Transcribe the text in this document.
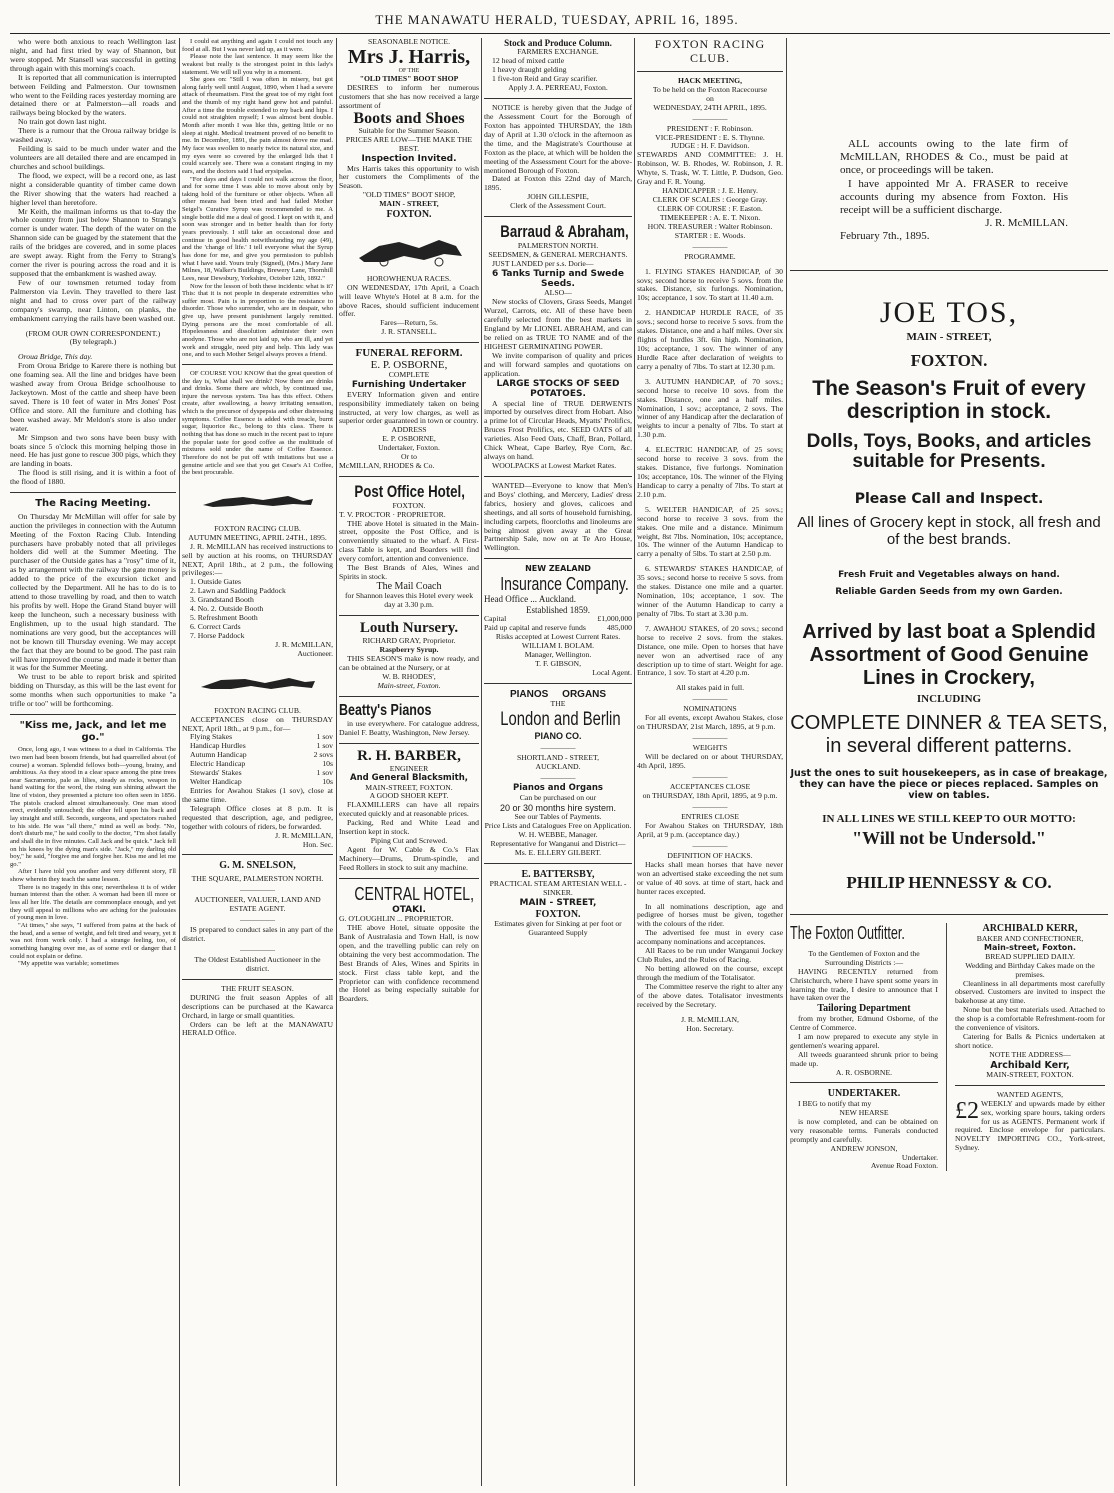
THE MANAWATU HERALD, TUESDAY, APRIL 16, 1895.

who were both anxious to reach Wellington last night, and had first tried by way of Shannon, but were stopped. Mr Stansell was successful in getting through again with this morning's coach.

It is reported that all communication is interrupted between Feilding and Palmerston. Our townsmen who went to the Feilding races yesterday morning are detained there or at Palmerston—all roads and railways being blocked by the waters.

No train got down last night.

There is a rumour that the Oroua railway bridge is washed away.

Feilding is said to be much under water and the volunteers are all detailed there and are encamped in churches and school buildings.

The flood, we expect, will be a record one, as last night a considerable quantity of timber came down the River showing that the waters had reached a higher level than heretofore.

Mr Keith, the mailman informs us that to-day the whole country from just below Shannon to Strang's corner is under water. The depth of the water on the Shannon side can be guaged by the statement that the rails of the bridges are covered, and in some places are swept away. Right from the Ferry to Strang's corner the river is pouring across the road and it is supposed that the embankment is washed away.

Few of our townsmen returned today from Palmerston via Levin. They travelled to there last night and had to cross over part of the railway company's swamp, near Linton, on planks, the embankment carrying the rails have been washed out.

(FROM OUR OWN CORRESPONDENT.)
(By telegraph.)

Oroua Bridge, This day.

From Oroua Bridge to Karere there is nothing but one foaming sea. All the line and bridges have been washed away from Oroua Bridge schoolhouse to Jackeytown. Most of the cattle and sheep have been saved. There is 10 feet of water in Mrs Jones' Post Office and store. All the furniture and clothing has been washed away. Mr Meldon's store is also under water.

Mr Simpson and two sons have been busy with boats since 5 o'clock this morning helping those in need. He has just gone to rescue 300 pigs, which they are landing in boats.

The flood is still rising, and it is within a foot of the flood of 1880.

The Racing Meeting.

On Thursday Mr McMillan will offer for sale by auction the privileges in connection with the Autumn Meeting of the Foxton Racing Club. Intending purchasers have probably noted that all privileges holders did well at the Summer Meeting. The purchaser of the Outside gates has a "rosy" time of it, as by arrangement with the railway the gate money is added to the price of the excursion ticket and collected by the Department. All he has to do is to attend to those travelling by road, and then to watch his profits by well. Hope the Grand Stand buyer will keep the luncheon, such a necessary business with Englishmen, up to the usual high standard. The nominations are very good, but the acceptances will not be known till Thursday evening. We may accept the fact that they are bound to be good. The past rain will have improved the course and made it better than it was for the Summer Meeting.

We trust to be able to report brisk and spirited bidding on Thursday, as this will be the last event for some months when such opportunities to make "a trifle or too" will be forthcoming.

"Kiss me, Jack, and let me go."

Once, long ago, I was witness to a duel in California. The two men had been bosom friends, but had quarrelled about (of course) a woman. Splendid fellows both—young, brainy, and ambitious. As they stood in a clear space among the pine trees near Sacramento, pale as lilies, steady as rocks, weapon in hand waiting for the word, the rising sun shining athwart the line of vision, they presented a picture too often seen in 1856. The pistols cracked almost simultaneously. One man stood erect, evidently untouched; the other fell upon his back and lay straight and still. Seconds, surgeons, and spectators rushed to his side. He was "all there," mind as well as body. "No, don't disturb me," he said coolly to the doctor, "I'm shot fatally and shall die in five minutes. Call Jack and be quick." Jack fell on his knees by the dying man's side. "Jack," my darling old boy," he said, "forgive me and forgive her. Kiss me and let me go."

After I have told you another and very different story, I'll show wherein they teach the same lesson.

There is no tragedy in this one; nevertheless it is of wider human interest than the other. A woman had been ill more or less all her life. The details are commonplace enough, and yet they will appeal to millions who are aching for the jealousies of young men in love.

"At times," she says, "I suffered from pains at the back of the head, and a sense of weight, and felt tired and weary, yet it was not from work only. I had a strange feeling, too, of something hanging over me, as of some evil or danger that I could not explain or define.

"My appetite was variable; sometimes

I could eat anything and again I could not touch any food at all. But I was never laid up, as it were.

Please note the last sentence. It may seem like the weakest but really is the strongest point in this lady's statement. We will tell you why in a moment.

She goes on: "Still I was often in misery, but got along fairly well until August, 1890, when I had a severe attack of rheumatism. First the great toe of my right foot and the thumb of my right hand grew hot and painful. After a time the trouble extended to my back and hips. I could not straighten myself; I was almost bent double. Month after month I was like this, getting little or no sleep at night. Medical treatment proved of no benefit to me. In December, 1891, the pain almost drove me mad. My face was swollen to nearly twice its natural size, and my eyes were so covered by the enlarged lids that I could scarcely see. There was a constant ringing in my ears, and the doctors said I had erysipelas.

"For days and days I could not walk across the floor, and for some time I was able to move about only by taking hold of the furniture or other objects. When all other means had been tried and had failed Mother Seigel's Curative Syrup was recommended to me. A single bottle did me a deal of good. I kept on with it, and soon was stronger and in better health than for forty years previously. I still take an occasional dose and continue in good health notwithstanding my age (49), and the 'change of life.' I tell everyone what the Syrup has done for me, and give you permission to publish what I have said. Yours truly (Signed), (Mrs.) Mary Jane Milnes, 18, Walker's Buildings, Brewery Lane, Thornhill Lees, near Dewsbury, Yorkshire, October 12th, 1892."

Now for the lesson of both these incidents: what is it? This: that it is not people in desperate extremities who suffer most. Pain is in proportion to the resistance to disorder. Those who surrender, who are in despair, who give up, have present punishment largely remitted. Dying persons are the most comfortable of all. Hopelessness and dissolution administer their own anodyne. Those who are not laid up, who are ill, and yet work and struggle, need pity and help. This lady was one, and to such Mother Seigel always proves a friend.

OF COURSE YOU KNOW that the great question of the day is, What shall we drink? Now there are drinks and drinks. Some there are which, by continued use, injure the nervous system. Tea has this effect. Others create, after swallowing, a heavy irritating sensation, which is the precursor of dyspepsia and other distressing symptoms. Coffee Essence is added with treacle, burnt sugar, liquorice &c., belong to this class. There is nothing that has done so much in the recent past to injure the popular taste for good coffee as the multitude of mixtures sold under the name of Coffee Essence. Therefore do not be put off with imitations but use a genuine article and see that you get Cesar's A1 Coffee, the best procurable.

FOXTON RACING CLUB.
AUTUMN MEETING, APRIL 24TH., 1895.

J. R. McMILLAN has received instructions to sell by auction at his rooms, on THURSDAY NEXT, April 18th., at 2 p.m., the following privileges:—

1. Outside Gates
2. Lawn and Saddling Paddock
3. Grandstand Booth
4. No. 2. Outside Booth
5. Refreshment Booth
6. Correct Cards
7. Horse Paddock
J. R. McMILLAN,
Auctioneer.
FOXTON RACING CLUB.

ACCEPTANCES close on THURSDAY NEXT, April 18th., at 9 p.m., for—

Flying Stakes	1 sov
Handicap Hurdles	1 sov
Autumn Handicap	2 sovs
Electric Handicap	10s
Stewards' Stakes	1 sov
Welter Handicap	10s

Entries for Awahou Stakes (1 sov), close at the same time.

Telegraph Office closes at 8 p.m. It is requested that description, age, and pedigree, together with colours of riders, be forwarded.

J. R. McMILLAN,
Hon. Sec.
G. M. SNELSON,
THE SQUARE, PALMERSTON NORTH.
—————
AUCTIONEER, VALUER, LAND AND ESTATE AGENT.
—————

IS prepared to conduct sales in any part of the district.

—————
The Oldest Established Auctioneer in the district.
THE FRUIT SEASON.

DURING the fruit season Apples of all descriptions can be purchased at the Kawarca Orchard, in large or small quantities.

Orders can be left at the MANAWATU HERALD Office.

SEASONABLE NOTICE.
Mrs J. Harris,
OF THE
"OLD TIMES" BOOT SHOP

DESIRES to inform her numerous customers that she has now received a large assortment of

Boots and Shoes
Suitable for the Summer Season.
PRICES ARE LOW—THE MAKE THE BEST.
Inspection Invited.

Mrs Harris takes this opportunity to wish her customers the Compliments of the Season.

"OLD TIMES" BOOT SHOP,
MAIN - STREET,
FOXTON.
HOROWHENUA RACES.

ON WEDNESDAY, 17th April, a Coach will leave Whyte's Hotel at 8 a.m. for the above Races, should sufficient inducement offer.

Fares—Return, 5s.
J. R. STANSELL.
FUNERAL REFORM.
E. P. OSBORNE,
COMPLETE
Furnishing Undertaker

EVERY Information given and entire responsibility immediately taken on being instructed, at very low charges, as well as superior order guaranteed in town or country.

ADDRESS
E. P. OSBORNE,
Undertaker, Foxton.
Or to
McMILLAN, RHODES & Co.
Post Office Hotel,
FOXTON.
T. V. PROCTOR · PROPRIETOR.

THE above Hotel is situated in the Main-street, opposite the Post Office, and is conveniently situated to the wharf. A First-class Table is kept, and Boarders will find every comfort, attention and convenience.

The Best Brands of Ales, Wines and Spirits in stock.

The Mail Coach
for Shannon leaves this Hotel every week day at 3.30 p.m.
Louth Nursery.
RICHARD GRAY, Proprietor.
Raspberry Syrup.

THIS SEASON'S make is now ready, and can be obtained at the Nursery, or at

W. B. RHODES',
Main-street, Foxton.
Beatty's Pianos

in use everywhere. For catalogue address, Daniel F. Beatty, Washington, New Jersey.

R. H. BARBER,
ENGINEER
And General Blacksmith,
MAIN-STREET, FOXTON.
A GOOD SHOER KEPT.

FLAXMILLERS can have all repairs executed quickly and at reasonable prices.

Packing, Red and White Lead and Insertion kept in stock.

Piping Cut and Screwed.

Agent for W. Cable & Co.'s Flax Machinery—Drums, Drum-spindle, and Feed Rollers in stock to suit any machine.

CENTRAL HOTEL,
OTAKI.
G. O'LOUGHLIN ... PROPRIETOR.

THE above Hotel, situate opposite the Bank of Australasia and Town Hall, is now open, and the travelling public can rely on obtaining the very best accommodation. The Best Brands of Ales, Wines and Spirits in stock. First class table kept, and the Proprietor can with confidence recommend the Hotel as being especially suitable for Boarders.

Stock and Produce Column.
FARMERS EXCHANGE.
12 head of mixed cattle
1 heavy draught gelding
1 five-ton Reid and Gray scarifier.
Apply J. A. PERREAU, Foxton.

NOTICE is hereby given that the Judge of the Assessment Court for the Borough of Foxton has appointed THURSDAY, the 18th day of April at 1.30 o'clock in the afternoon as the time, and the Magistrate's Courthouse at Foxton as the place, at which will be holden the meeting of the Assessment Court for the above-mentioned Borough of Foxton.

Dated at Foxton this 22nd day of March, 1895.

JOHN GILLESPIE,
Clerk of the Assessment Court.
Barraud & Abraham,
PALMERSTON NORTH.
SEEDSMEN, & GENERAL MERCHANTS.

JUST LANDED per s.s. Dorie—

6 Tanks Turnip and Swede Seeds.
ALSO—

New stocks of Clovers, Grass Seeds, Mangel Wurzel, Carrots, etc. All of these have been carefully selected from the best markets in England by Mr LIONEL ABRAHAM, and can be relied on as TRUE TO NAME and of the HIGHEST GERMINATING POWER.

We invite comparison of quality and prices and will forward samples and quotations on application.

LARGE STOCKS OF SEED POTATOES.

A special line of TRUE DERWENTS imported by ourselves direct from Hobart. Also a prime lot of Circular Heads, Myatts' Prolifics, Bruces Frost Prolifics, etc. SEED OATS of all varieties. Also Feed Oats, Chaff, Bran, Pollard, Chick Wheat, Cape Barley, Rye Corn, &c. always on hand.

WOOLPACKS at Lowest Market Rates.

WANTED—Everyone to know that Men's and Boys' clothing, and Mercery, Ladies' dress fabrics, hosiery and gloves, calicoes and sheetings, and all sorts of household furnishing, including carpets, floorcloths and linoleums are being almost given away at the Great Partnership Sale, now on at Te Aro House, Wellington.

NEW ZEALAND
Insurance Company.
Head Office ... Auckland.
Established 1859.
Capital	£1,000,000
Paid up capital and reserve funds	485,000
Risks accepted at Lowest Current Rates.
WILLIAM I. BOLAM.
Manager, Wellington.
T. F. GIBSON,
Local Agent.
PIANOS     ORGANS
THE
London and Berlin
PIANO CO.
—————
SHORTLAND - STREET,
AUCKLAND.
—————
Pianos and Organs
Can be purchased on our
20 or 30 months hire system.
See our Tables of Payments.
Price Lists and Catalogues Free on Application.
W. H. WEBBE, Manager.
Representative for Wanganui and District—
Ms. E. ELLERY GILBERT.
E. BATTERSBY,
PRACTICAL STEAM ARTESIAN WELL - SINKER.
MAIN - STREET,
FOXTON.
Estimates given for Sinking at per foot or Guaranteed Supply
FOXTON RACING CLUB.
HACK MEETING,
To be held on the Foxton Racecourse
on
WEDNESDAY, 24TH APRIL, 1895.
—————
PRESIDENT : F. Robinson.
VICE-PRESIDENT : E. S. Thynne.
JUDGE : H. F. Davidson.
STEWARDS AND COMMITTEE: J. H. Robinson, W. B. Rhodes, W. Robinson, J. R. Whyte, S. Trask, W. T. Little, P. Dudson, Geo. Gray and F. R. Young.
HANDICAPPER : J. E. Henry.
CLERK OF SCALES : George Gray.
CLERK OF COURSE : F. Easton.
TIMEKEEPER : A. E. T. Nixon.
HON. TREASURER : Walter Robinson.
STARTER : E. Woods.
—————
PROGRAMME.

1. FLYING STAKES HANDICAP, of 30 sovs; second horse to receive 5 sovs. from the stakes. Distance, six furlongs. Nomination, 10s; acceptance, 1 sov. To start at 11.40 a.m.

2. HANDICAP HURDLE RACE, of 35 sovs.; second horse to receive 5 sovs. from the stakes. Distance, one and a half miles. Over six flights of hurdles 3ft. 6in high. Nomination, 10s; acceptance, 1 sov. The winner of any Hurdle Race after declaration of weights to carry a penalty of 7lbs. To start at 12.30 p.m.

3. AUTUMN HANDICAP, of 70 sovs.; second horse to receive 10 sovs. from the stakes. Distance, one and a half miles. Nomination, 1 sov.; acceptance, 2 sovs. The winner of any Handicap after the declaration of weights to incur a penalty of 7lbs. To start at 1.30 p.m.

4. ELECTRIC HANDICAP, of 25 sovs; second horse to receive 3 sovs. from the stakes. Distance, five furlongs. Nomination 10s; acceptance, 10s. The winner of the Flying Handicap to carry a penalty of 7lbs. To start at 2.10 p.m.

5. WELTER HANDICAP, of 25 sovs.; second horse to receive 3 sovs. from the stakes. One mile and a distance. Minimum weight, 8st 7lbs. Nomination, 10s; acceptance, 10s. The winner of the Autumn Handicap to carry a penalty of 5lbs. To start at 2.50 p.m.

6. STEWARDS' STAKES HANDICAP, of 35 sovs.; second horse to receive 5 sovs. from the stakes. Distance one mile and a quarter. Nomination, 10s; acceptance, 1 sov. The winner of the Autumn Handicap to carry a penalty of 7lbs. To start at 3.30 p.m.

7. AWAHOU STAKES, of 20 sovs.; second horse to receive 2 sovs. from the stakes. Distance, one mile. Open to horses that have never won an advertised race of any description up to time of start. Weight for age. Entrance, 1 sov. To start at 4.20 p.m.

All stakes paid in full.
—————
NOMINATIONS

For all events, except Awahou Stakes, close on THURSDAY, 21st March, 1895, at 9 p.m.

—————
WEIGHTS

Will be declared on or about THURSDAY, 4th April, 1895.

—————
ACCEPTANCES CLOSE
on THURSDAY, 18th April, 1895, at 9 p.m.
—————
ENTRIES CLOSE

For Awahou Stakes on THURSDAY, 18th April, at 9 p.m. (acceptance day.)

—————
DEFINITION OF HACKS.

Hacks shall mean horses that have never won an advertised stake exceeding the net sum or value of 40 sovs. at time of start, hack and hunter races excepted.

In all nominations description, age and pedigree of horses must be given, together with the colours of the rider.

The advertised fee must in every case accompany nominations and acceptances.

All Races to be run under Wanganui Jockey Club Rules, and the Rules of Racing.

No betting allowed on the course, except through the medium of the Totalisator.

The Committee reserve the right to alter any of the above dates. Totalisator investments received by the Secretary.

J. R. McMILLAN,
Hon. Secretary.

ALL accounts owing to the late firm of McMILLAN, RHODES & Co., must be paid at once, or proceedings will be taken.

I have appointed Mr A. FRASER to receive accounts during my absence from Foxton. His receipt will be a sufficient discharge.

J. R. McMILLAN.
February 7th., 1895.
JOE TOS,
MAIN - STREET,
FOXTON.
The Season's Fruit of every description in stock.
Dolls, Toys, Books, and articles suitable for Presents.
Please Call and Inspect.
All lines of Grocery kept in stock, all fresh and of the best brands.
Fresh Fruit and Vegetables always on hand.
Reliable Garden Seeds from my own Garden.
Arrived by last boat a Splendid Assortment of Good Genuine Lines in Crockery,
INCLUDING
COMPLETE DINNER & TEA SETS, in several different patterns.
Just the ones to suit housekeepers, as in case of breakage, they can have the piece or pieces replaced. Samples on view on tables.
IN ALL LINES WE STILL KEEP TO OUR MOTTO:
"Will not be Undersold."
PHILIP HENNESSY & CO.
The Foxton Outfitter.
To the Gentlemen of Foxton and the Surrounding Districts :—

HAVING RECENTLY returned from Christchurch, where I have spent some years in learning the trade, I desire to announce that I have taken over the

Tailoring Department

from my brother, Edmund Osborne, of the Centre of Commerce.

I am now prepared to execute any style in gentlemen's wearing apparel.

All tweeds guaranteed shrunk prior to being made up.

A. R. OSBORNE.
UNDERTAKER.

I BEG to notify that my

NEW HEARSE

is now completed, and can be obtained on very reasonable terms. Funerals conducted promptly and carefully.

ANDREW JONSON,
Undertaker.
Avenue Road Foxton.
ARCHIBALD KERR,
BAKER AND CONFECTIONER,
Main-street, Foxton.
BREAD SUPPLIED DAILY.
Wedding and Birthday Cakes made on the premises.

Cleanliness in all departments most carefully observed. Customers are invited to inspect the bakehouse at any time.

None but the best materials used. Attached to the shop is a comfortable Refreshment-room for the convenience of visitors.

Catering for Balls & Picnics undertaken at short notice.

NOTE THE ADDRESS—
Archibald Kerr,
MAIN-STREET, FOXTON.
WANTED AGENTS,
£2 WEEKLY and upwards made by either sex, working spare hours, taking orders for us as AGENTS. Permanent work if required. Enclose envelope for particulars. NOVELTY IMPORTING CO., York-street, Sydney.
